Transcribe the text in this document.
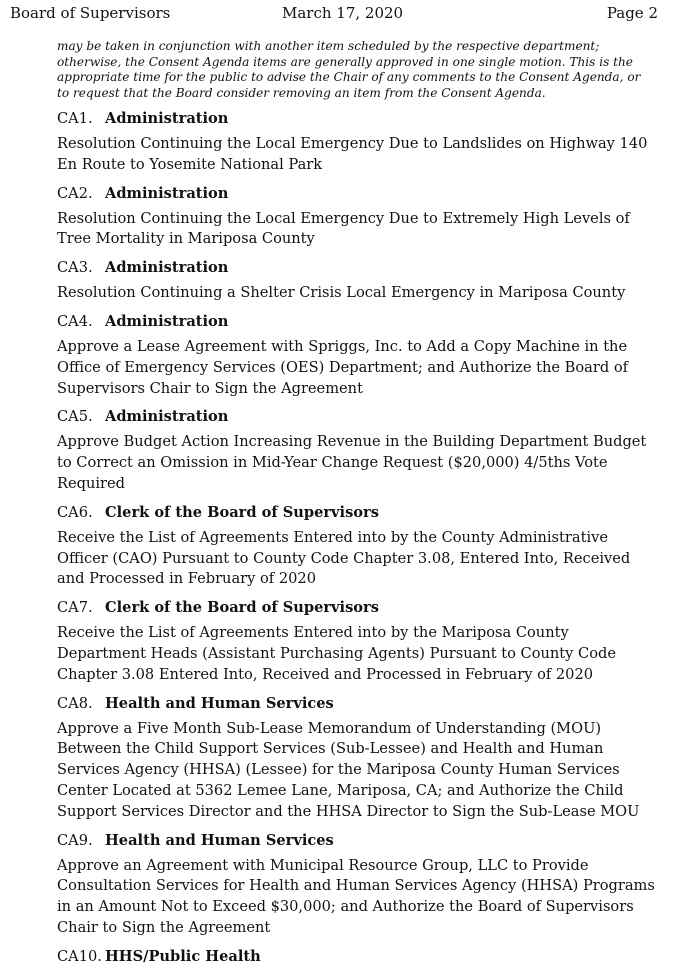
Board of Supervisors	March 17, 2020	Page 2
may be taken in conjunction with another item scheduled by the respective department;
otherwise, the Consent Agenda items are generally approved in one single motion. This is the
appropriate time for the public to advise the Chair of any comments to the Consent Agenda, or
to request that the Board consider removing an item from the Consent Agenda.
CA1. Administration
Resolution Continuing the Local Emergency Due to Landslides on Highway 140
En Route to Yosemite National Park
CA2. Administration
Resolution Continuing the Local Emergency Due to Extremely High Levels of
Tree Mortality in Mariposa County
CA3. Administration
Resolution Continuing a Shelter Crisis Local Emergency in Mariposa County
CA4. Administration
Approve a Lease Agreement with Spriggs, Inc. to Add a Copy Machine in the
Office of Emergency Services (OES) Department; and Authorize the Board of
Supervisors Chair to Sign the Agreement
CA5. Administration
Approve Budget Action Increasing Revenue in the Building Department Budget
to Correct an Omission in Mid-Year Change Request ($20,000) 4/5ths Vote
Required
CA6. Clerk of the Board of Supervisors
Receive the List of Agreements Entered into by the County Administrative
Officer (CAO) Pursuant to County Code Chapter 3.08, Entered Into, Received
and Processed in February of 2020
CA7. Clerk of the Board of Supervisors
Receive the List of Agreements Entered into by the Mariposa County
Department Heads (Assistant Purchasing Agents) Pursuant to County Code
Chapter 3.08 Entered Into, Received and Processed in February of 2020
CA8. Health and Human Services
Approve a Five Month Sub-Lease Memorandum of Understanding (MOU)
Between the Child Support Services (Sub-Lessee) and Health and Human
Services Agency (HHSA) (Lessee) for the Mariposa County Human Services
Center Located at 5362 Lemee Lane, Mariposa, CA; and Authorize the Child
Support Services Director and the HHSA Director to Sign the Sub-Lease MOU
CA9. Health and Human Services
Approve an Agreement with Municipal Resource Group, LLC to Provide
Consultation Services for Health and Human Services Agency (HHSA) Programs
in an Amount Not to Exceed $30,000; and Authorize the Board of Supervisors
Chair to Sign the Agreement
CA10. HHS/Public Health
